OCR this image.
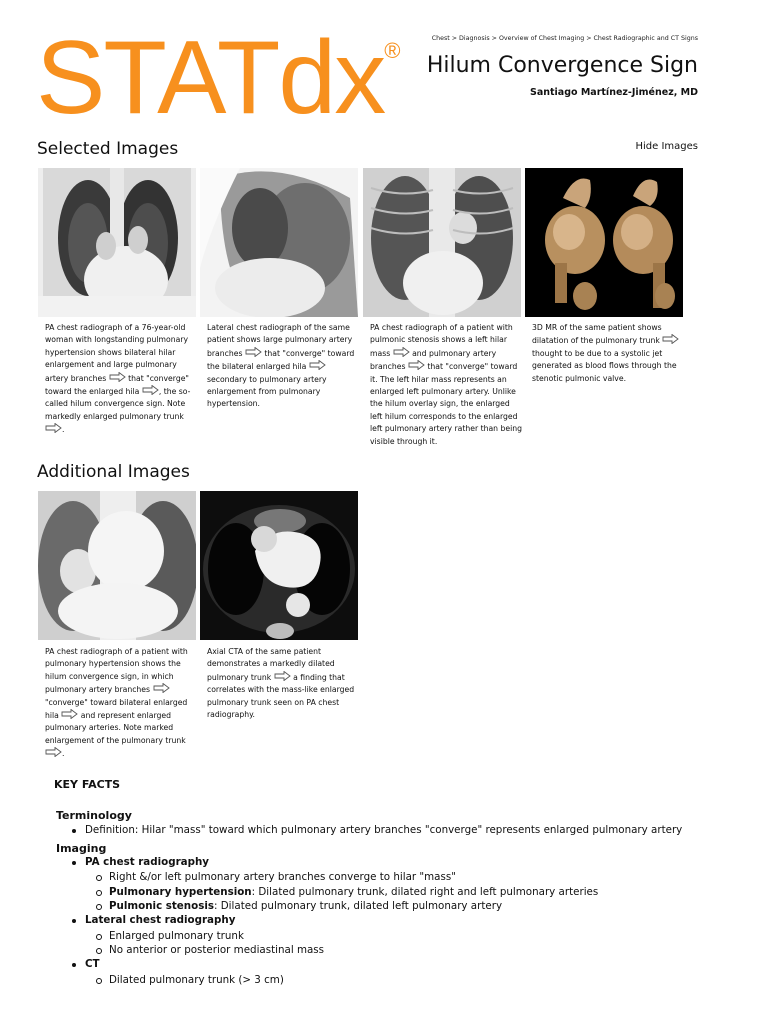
STATdx®	Chest > Diagnosis > Overview of Chest Imaging > Chest Radiographic and CT Signs
Hilum Convergence Sign
Santiago Martínez-Jiménez, MD
Selected Images	Hide Images
PA chest radiograph of a 76-year-old woman with longstanding pulmonary hypertension shows bilateral hilar enlargement and large pulmonary artery branches  that "converge" toward the enlarged hila , the so-called hilum convergence sign. Note markedly enlarged pulmonary trunk .
Lateral chest radiograph of the same patient shows large pulmonary artery branches  that "converge" toward the bilateral enlarged hila  secondary to pulmonary artery enlargement from pulmonary hypertension.
PA chest radiograph of a patient with pulmonic stenosis shows a left hilar mass  and pulmonary artery branches  that "converge" toward it. The left hilar mass represents an enlarged left pulmonary artery. Unlike the hilum overlay sign, the enlarged left hilum corresponds to the enlarged left pulmonary artery rather than being visible through it.
3D MR of the same patient shows dilatation of the pulmonary trunk  thought to be due to a systolic jet generated as blood flows through the stenotic pulmonic valve.
Additional Images
PA chest radiograph of a patient with pulmonary hypertension shows the hilum convergence sign, in which pulmonary artery branches  "converge" toward bilateral enlarged hila  and represent enlarged pulmonary arteries. Note marked enlargement of the pulmonary trunk .
Axial CTA of the same patient demonstrates a markedly dilated pulmonary trunk  a finding that correlates with the mass-like enlarged pulmonary trunk seen on PA chest radiography.
KEY FACTS
Terminology
Definition: Hilar "mass" toward which pulmonary artery branches "converge" represents enlarged pulmonary artery
Imaging
PA chest radiography
Right &/or left pulmonary artery branches converge to hilar "mass"
Pulmonary hypertension: Dilated pulmonary trunk, dilated right and left pulmonary arteries
Pulmonic stenosis: Dilated pulmonary trunk, dilated left pulmonary artery
Lateral chest radiography
Enlarged pulmonary trunk
No anterior or posterior mediastinal mass
CT
Dilated pulmonary trunk (> 3 cm)
